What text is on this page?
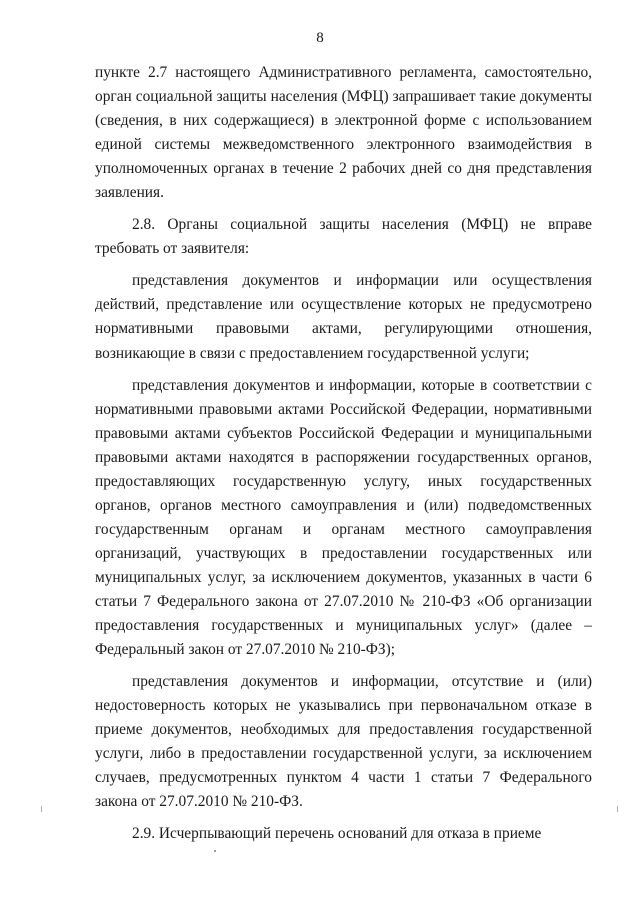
8

пункте 2.7 настоящего Административного регламента, самостоятельно, орган социальной защиты населения (МФЦ) запрашивает такие документы (сведения, в них содержащиеся) в электронной форме с использованием единой системы межведомственного электронного взаимодействия в уполномоченных органах в течение 2 рабочих дней со дня представления заявления.

2.8. Органы социальной защиты населения (МФЦ) не вправе требовать от заявителя:

представления документов и информации или осуществления действий, представление или осуществление которых не предусмотрено нормативными правовыми актами, регулирующими отношения, возникающие в связи с предоставлением государственной услуги;

представления документов и информации, которые в соответствии с нормативными правовыми актами Российской Федерации, нормативными правовыми актами субъектов Российской Федерации и муниципальными правовыми актами находятся в распоряжении государственных органов, предоставляющих государственную услугу, иных государственных органов, органов местного самоуправления и (или) подведомственных государственным органам и органам местного самоуправления организаций, участвующих в предоставлении государственных или муниципальных услуг, за исключением документов, указанных в части 6 статьи 7 Федерального закона от 27.07.2010 № 210-ФЗ «Об организации предоставления государственных и муниципальных услуг» (далее – Федеральный закон от 27.07.2010 № 210-ФЗ);

представления документов и информации, отсутствие и (или) недостоверность которых не указывались при первоначальном отказе в приеме документов, необходимых для предоставления государственной услуги, либо в предоставлении государственной услуги, за исключением случаев, предусмотренных пунктом 4 части 1 статьи 7 Федерального закона от 27.07.2010 № 210-ФЗ.

2.9. Исчерпывающий перечень оснований для отказа в приеме
